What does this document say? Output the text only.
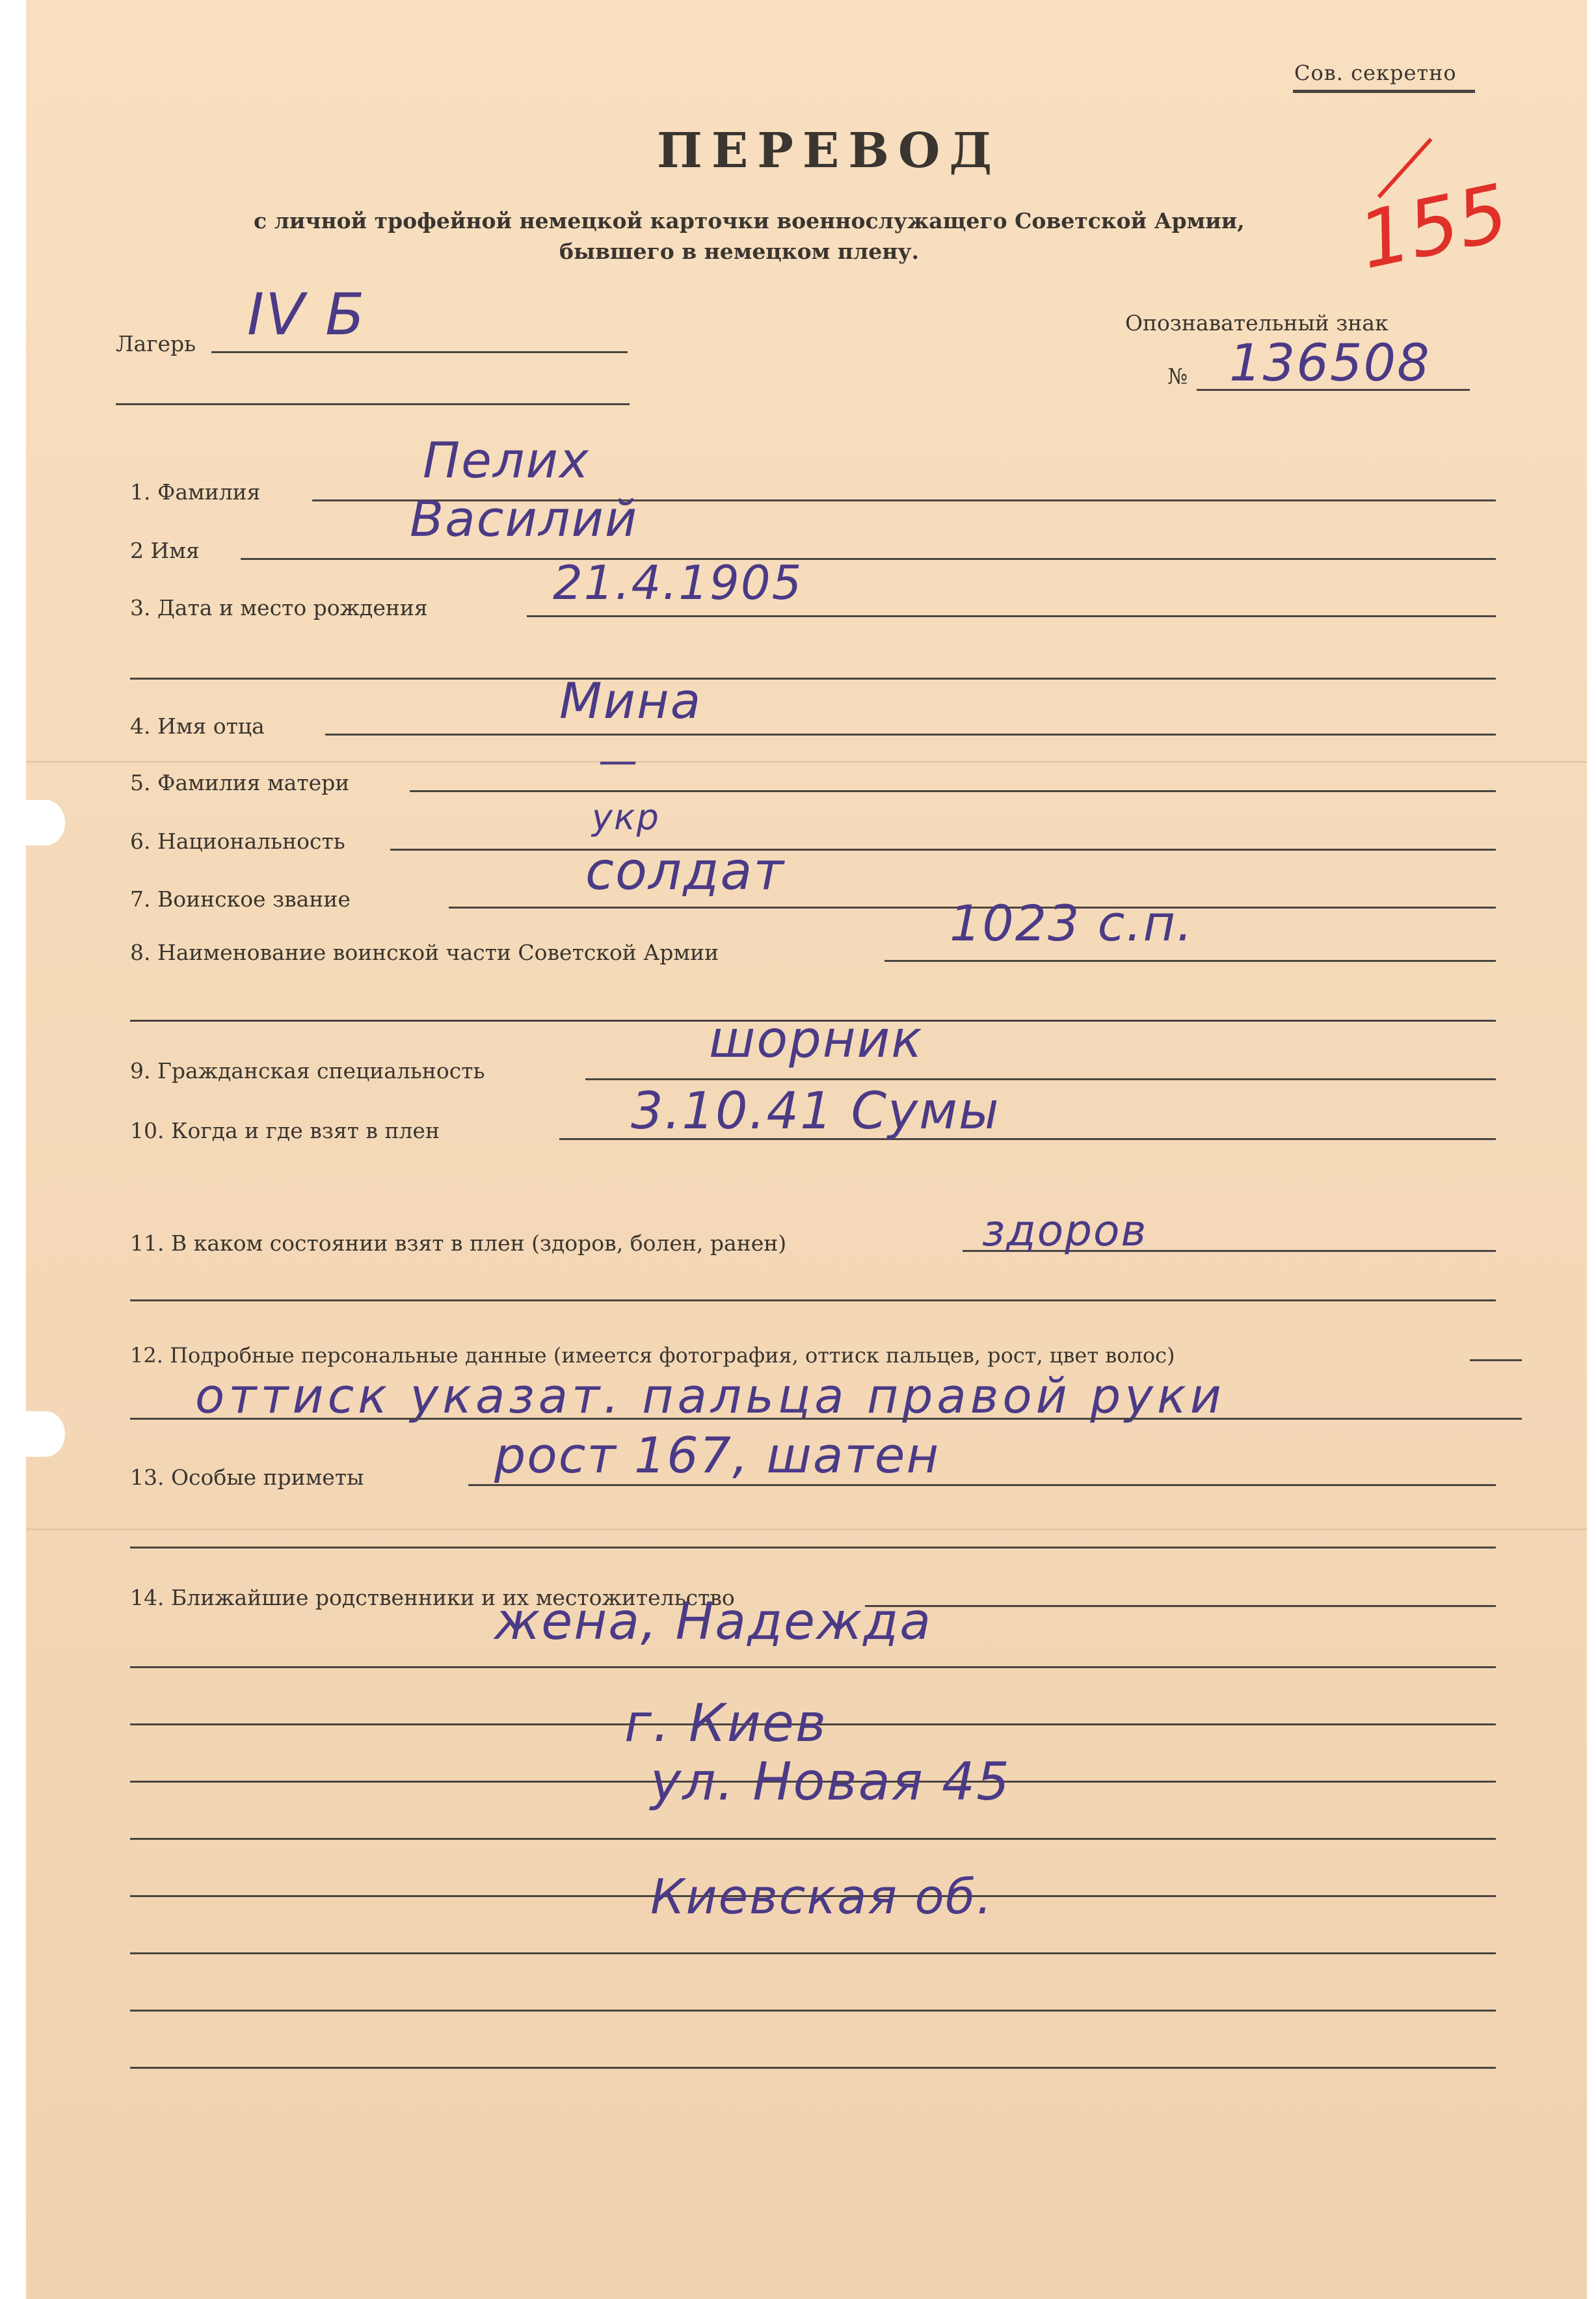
Сов. секретно

ПЕРЕВОД

с личной трофейной немецкой карточки военнослужащего Советской Армии,

бывшего в немецком плену.	155

Лагерь IV Б	Опознавательный знак

№ 136508

1. Фамилия

Пелих

2 Имя

Василий

3. Дата и место рождения	21.4.1905

4. Имя отца	Мина

5. Фамилия матери	—

6. Национальность

укр

7. Воинское звание	солдат

8. Наименование воинской части Советской Армии

1023 с.п.

9. Гражданская специальность

шорник

10. Когда и где взят в плен	3.10.41 Сумы

11. В каком состоянии взят в плен (здоров, болен, ранен)	здоров

12. Подробные персональные данные (имеется фотография, оттиск пальцев, рост, цвет волос)

оттиск указат. пальца правой руки

13. Особые приметы	рост 167, шатен

14. Ближайшие родственники и их местожительство

жена, Надежда

г. Киев

ул. Новая 45

Киевская об.
